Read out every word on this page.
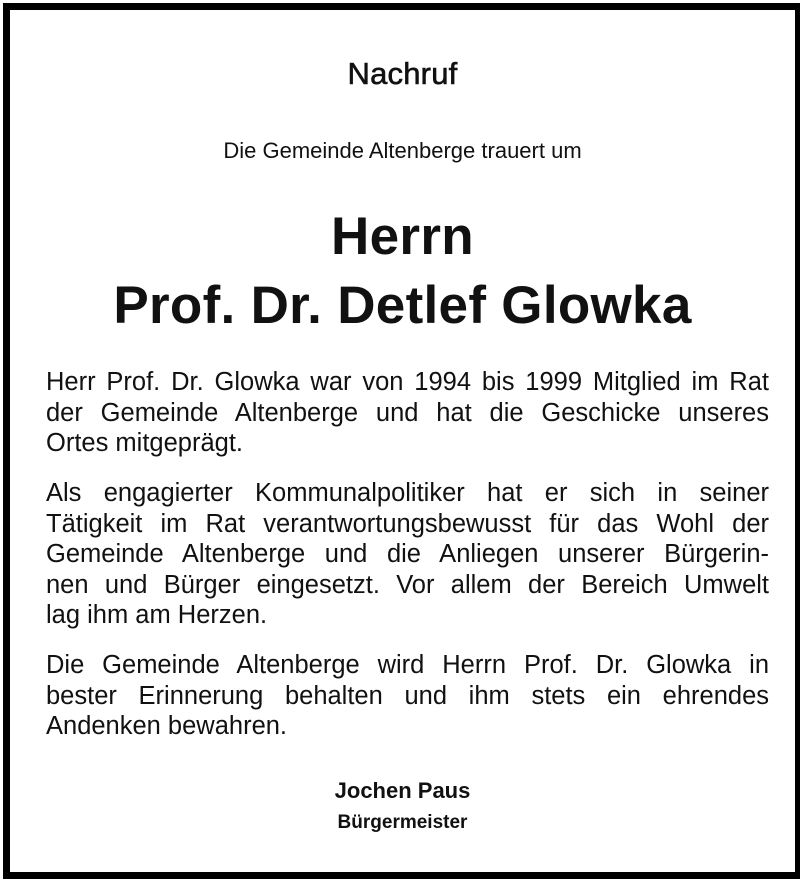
Nachruf
Die Gemeinde Altenberge trauert um
Herrn
Prof. Dr. Detlef Glowka
Herr Prof. Dr. Glowka war von 1994 bis 1999 Mitglied im Rat
der Gemeinde Altenberge und hat die Geschicke unseres
Ortes mitgeprägt.
Als engagierter Kommunalpolitiker hat er sich in seiner
Tätigkeit im Rat verantwortungsbewusst für das Wohl der
Gemeinde Altenberge und die Anliegen unserer Bürgerin-
nen und Bürger eingesetzt. Vor allem der Bereich Umwelt
lag ihm am Herzen.
Die Gemeinde Altenberge wird Herrn Prof. Dr. Glowka in
bester Erinnerung behalten und ihm stets ein ehrendes
Andenken bewahren.
Jochen Paus
Bürgermeister
